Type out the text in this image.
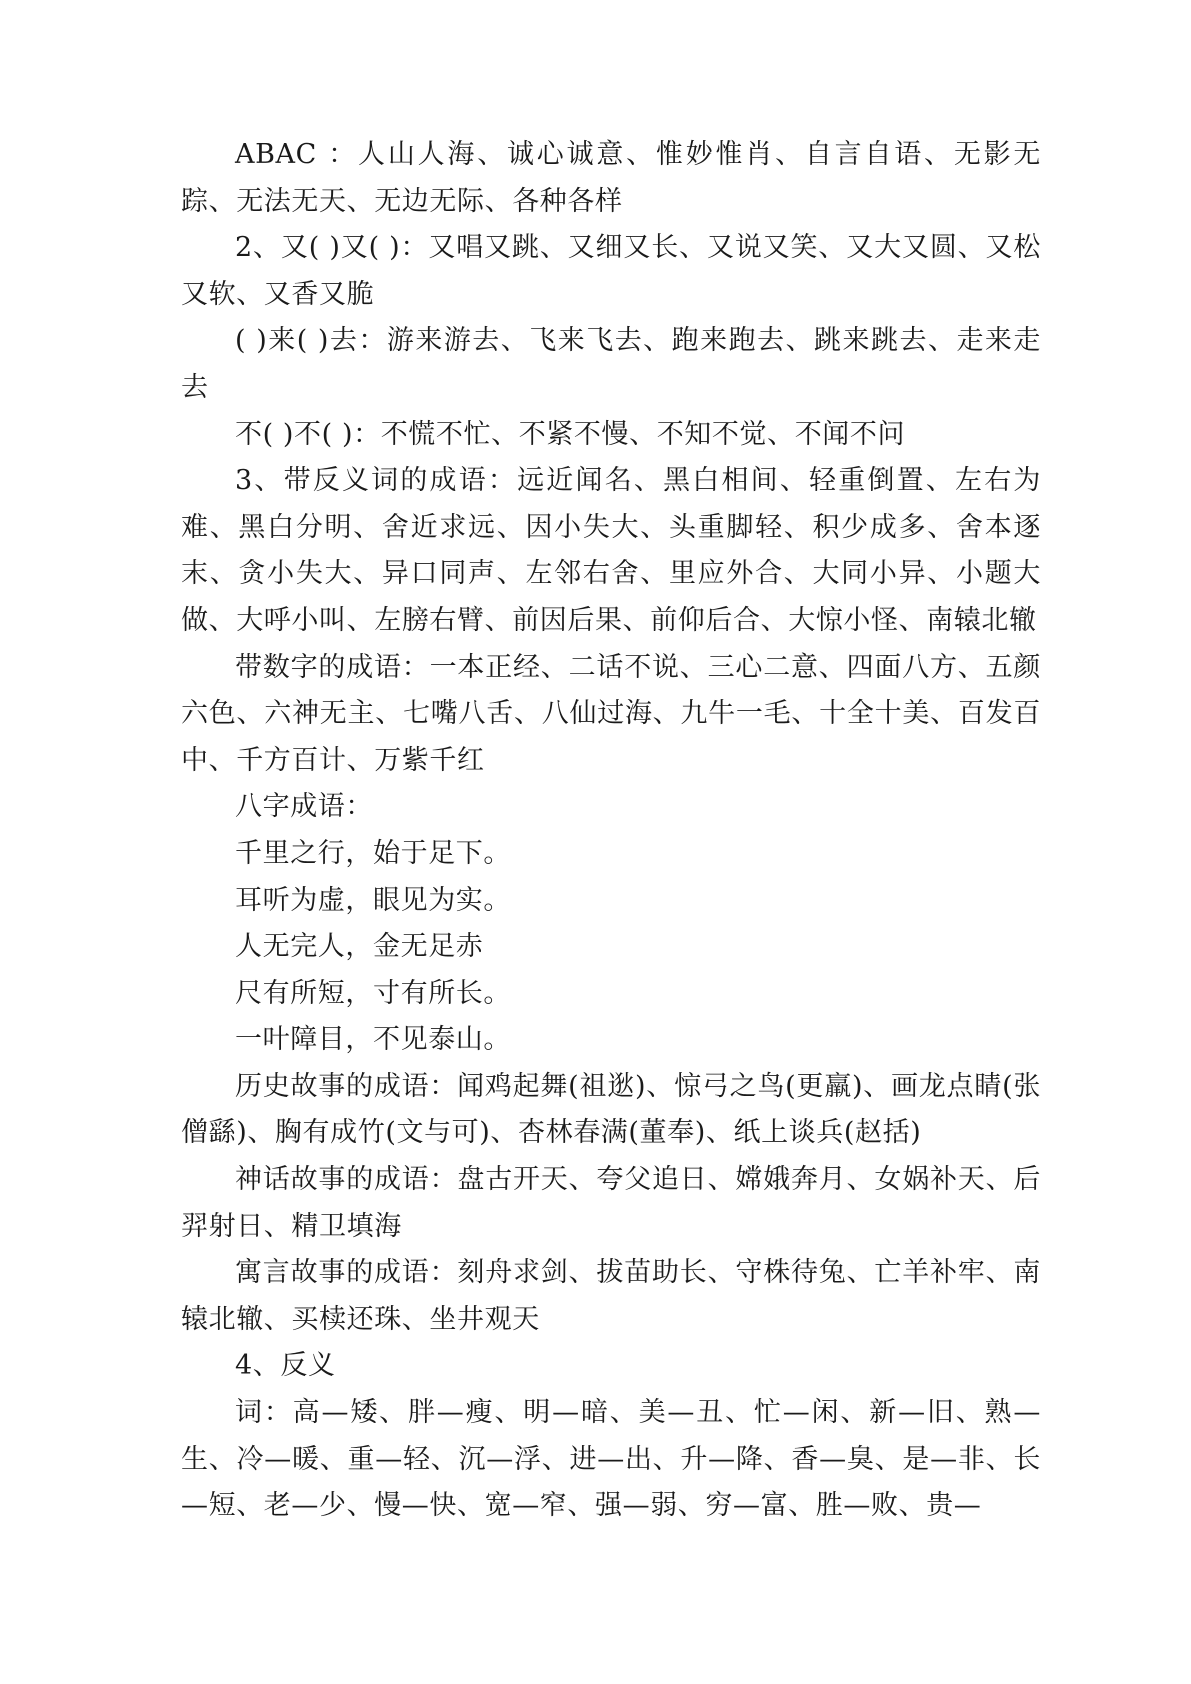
ABAC ：人山人海、诚心诚意、惟妙惟肖、自言自语、无影无踪、无法无天、无边无际、各种各样

2、又( )又( )：又唱又跳、又细又长、又说又笑、又大又圆、又松又软、又香又脆

( )来( )去：游来游去、飞来飞去、跑来跑去、跳来跳去、走来走去

不( )不( )：不慌不忙、不紧不慢、不知不觉、不闻不问

3、带反义词的成语：远近闻名、黑白相间、轻重倒置、左右为难、黑白分明、舍近求远、因小失大、头重脚轻、积少成多、舍本逐末、贪小失大、异口同声、左邻右舍、里应外合、大同小异、小题大做、大呼小叫、左膀右臂、前因后果、前仰后合、大惊小怪、南辕北辙

带数字的成语：一本正经、二话不说、三心二意、四面八方、五颜六色、六神无主、七嘴八舌、八仙过海、九牛一毛、十全十美、百发百中、千方百计、万紫千红

八字成语：

千里之行，始于足下。

耳听为虚，眼见为实。

人无完人，金无足赤

尺有所短，寸有所长。

一叶障目，不见泰山。

历史故事的成语：闻鸡起舞(祖逖)、惊弓之鸟(更羸)、画龙点睛(张僧繇)、胸有成竹(文与可)、杏林春满(董奉)、纸上谈兵(赵括)

神话故事的成语：盘古开天、夸父追日、嫦娥奔月、女娲补天、后羿射日、精卫填海

寓言故事的成语：刻舟求剑、拔苗助长、守株待兔、亡羊补牢、南辕北辙、买椟还珠、坐井观天

4、反义

词：高—矮、胖—瘦、明—暗、美—丑、忙—闲、新—旧、熟—生、冷—暖、重—轻、沉—浮、进—出、升—降、香—臭、是—非、长—短、老—少、慢—快、宽—窄、强—弱、穷—富、胜—败、贵—
